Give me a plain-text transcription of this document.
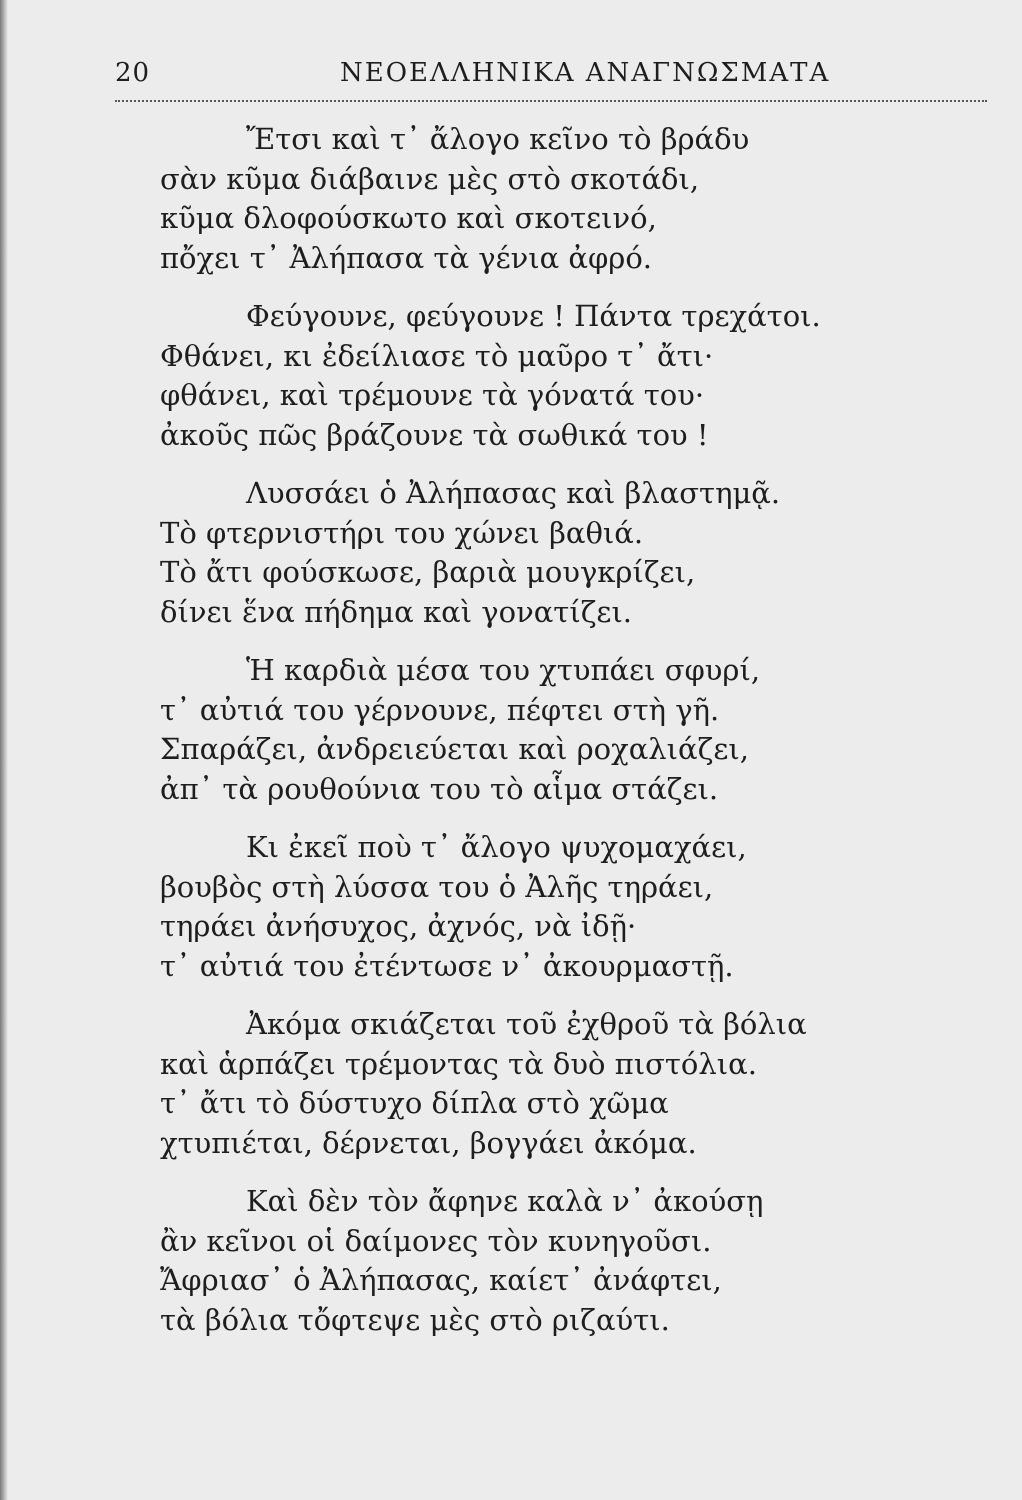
20	ΝΕΟΕΛΛΗΝΙΚΑ ΑΝΑΓΝΩΣΜΑΤΑ
Ἔτσι καὶ τ᾽ ἄλογο κεῖνο τὸ βράδυ
σὰν κῦμα διάβαινε μὲς στὸ σκοτάδι,
κῦμα δλοφούσκωτο καὶ σκοτεινό,
πὄχει τ᾽ Ἀλήπασα τὰ γένια ἀφρό.
Φεύγουνε, φεύγουνε ! Πάντα τρεχάτοι.
Φθάνει, κι ἐδείλιασε τὸ μαῦρο τ᾽ ἄτι·
φθάνει, καὶ τρέμουνε τὰ γόνατά του·
ἀκοῦς πῶς βράζουνε τὰ σωθικά του !
Λυσσάει ὁ Ἀλήπασας καὶ βλαστημᾷ.
Τὸ φτερνιστήρι του χώνει βαθιά.
Τὸ ἄτι φούσκωσε, βαριὰ μουγκρίζει,
δίνει ἕνα πήδημα καὶ γονατίζει.
Ἡ καρδιὰ μέσα του χτυπάει σφυρί,
τ᾽ αὐτιά του γέρνουνε, πέφτει στὴ γῆ.
Σπαράζει, ἀνδρειεύεται καὶ ροχαλιάζει,
ἀπ᾽ τὰ ρουθούνια του τὸ αἷμα στάζει.
Κι ἐκεῖ ποὺ τ᾽ ἄλογο ψυχομαχάει,
βουβὸς στὴ λύσσα του ὁ Ἀλῆς τηράει,
τηράει ἀνήσυχος, ἀχνός, νὰ ἰδῇ·
τ᾽ αὐτιά του ἐτέντωσε ν᾽ ἀκουρμαστῇ.
Ἀκόμα σκιάζεται τοῦ ἐχθροῦ τὰ βόλια
καὶ ἁρπάζει τρέμοντας τὰ δυὸ πιστόλια.
τ᾽ ἄτι τὸ δύστυχο δίπλα στὸ χῶμα
χτυπιέται, δέρνεται, βογγάει ἀκόμα.
Καὶ δὲν τὸν ἄφηνε καλὰ ν᾽ ἀκούσῃ
ἂν κεῖνοι οἱ δαίμονες τὸν κυνηγοῦσι.
Ἄφριασ᾽ ὁ Ἀλήπασας, καίετ᾽ ἀνάφτει,
τὰ βόλια τὄφτεψε μὲς στὸ ριζαύτι.
